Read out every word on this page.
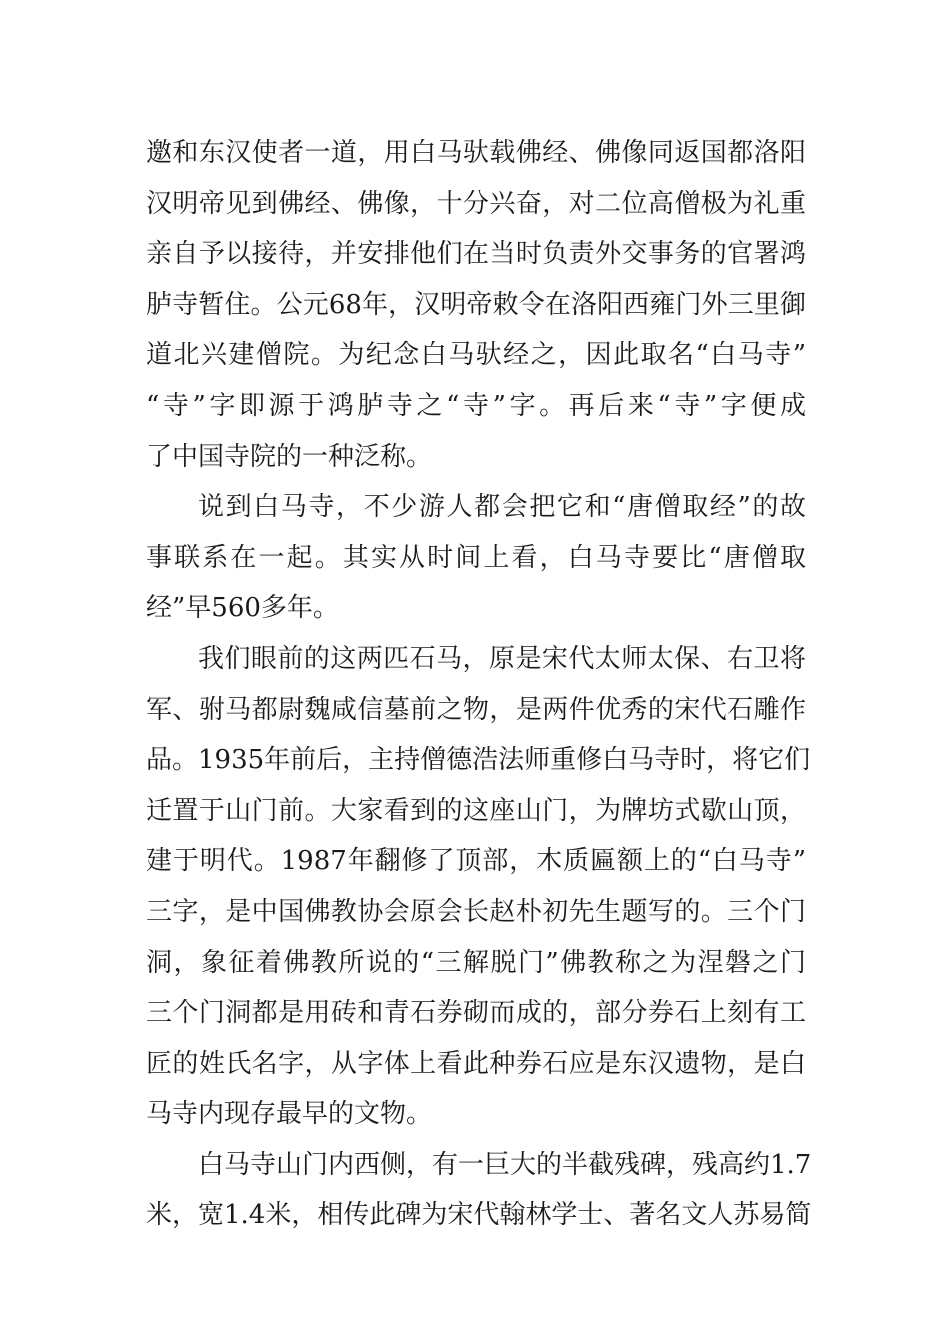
邀和东汉使者一道，用白马驮载佛经、佛像同返国都洛阳
汉明帝见到佛经、佛像，十分兴奋，对二位高僧极为礼重
亲自予以接待，并安排他们在当时负责外交事务的官署鸿
胪寺暂住。公元68年，汉明帝敕令在洛阳西雍门外三里御
道北兴建僧院。为纪念白马驮经之，因此取名“白马寺”
“寺”字即源于鸿胪寺之“寺”字。再后来“寺”字便成
了中国寺院的一种泛称。
说到白马寺，不少游人都会把它和“唐僧取经”的故
事联系在一起。其实从时间上看，白马寺要比“唐僧取
经”早560多年。
我们眼前的这两匹石马，原是宋代太师太保、右卫将
军、驸马都尉魏咸信墓前之物，是两件优秀的宋代石雕作
品。1935年前后，主持僧德浩法师重修白马寺时，将它们
迁置于山门前。大家看到的这座山门，为牌坊式歇山顶，
建于明代。1987年翻修了顶部，木质匾额上的“白马寺”
三字，是中国佛教协会原会长赵朴初先生题写的。三个门
洞，象征着佛教所说的“三解脱门”佛教称之为涅磐之门
三个门洞都是用砖和青石券砌而成的，部分券石上刻有工
匠的姓氏名字，从字体上看此种券石应是东汉遗物，是白
马寺内现存最早的文物。
白马寺山门内西侧，有一巨大的半截残碑，残高约1.7
米，宽1.4米，相传此碑为宋代翰林学士、著名文人苏易简
